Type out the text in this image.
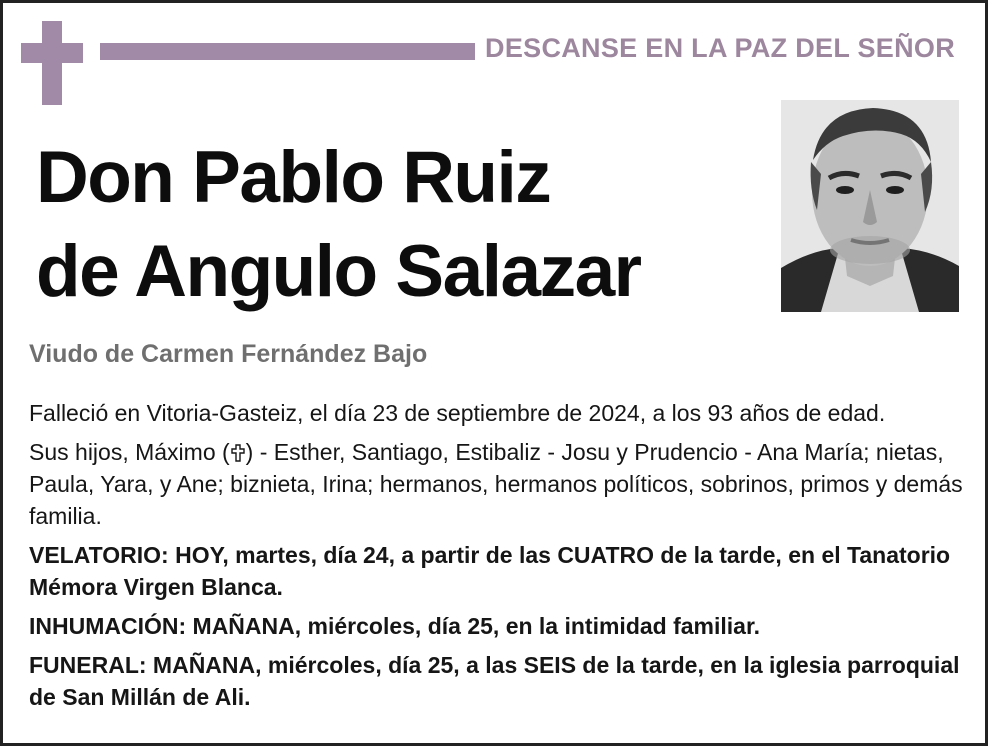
DESCANSE EN LA PAZ DEL SEÑOR
Don Pablo Ruiz
de Angulo Salazar
Viudo de Carmen Fernández Bajo

Falleció en Vitoria-Gasteiz, el día 23 de septiembre de 2024, a los 93 años de edad.

Sus hijos, Máximo ( ) - Esther, Santiago, Estibaliz - Josu y Prudencio - Ana María; nietas, Paula, Yara, y Ane; biznieta, Irina; hermanos, hermanos políticos, sobrinos, primos y demás familia.

VELATORIO: HOY, martes, día 24, a partir de las CUATRO de la tarde, en el Tanatorio Mémora Virgen Blanca.

INHUMACIÓN: MAÑANA, miércoles, día 25, en la intimidad familiar.

FUNERAL: MAÑANA, miércoles, día 25, a las SEIS de la tarde, en la iglesia parroquial de San Millán de Ali.
